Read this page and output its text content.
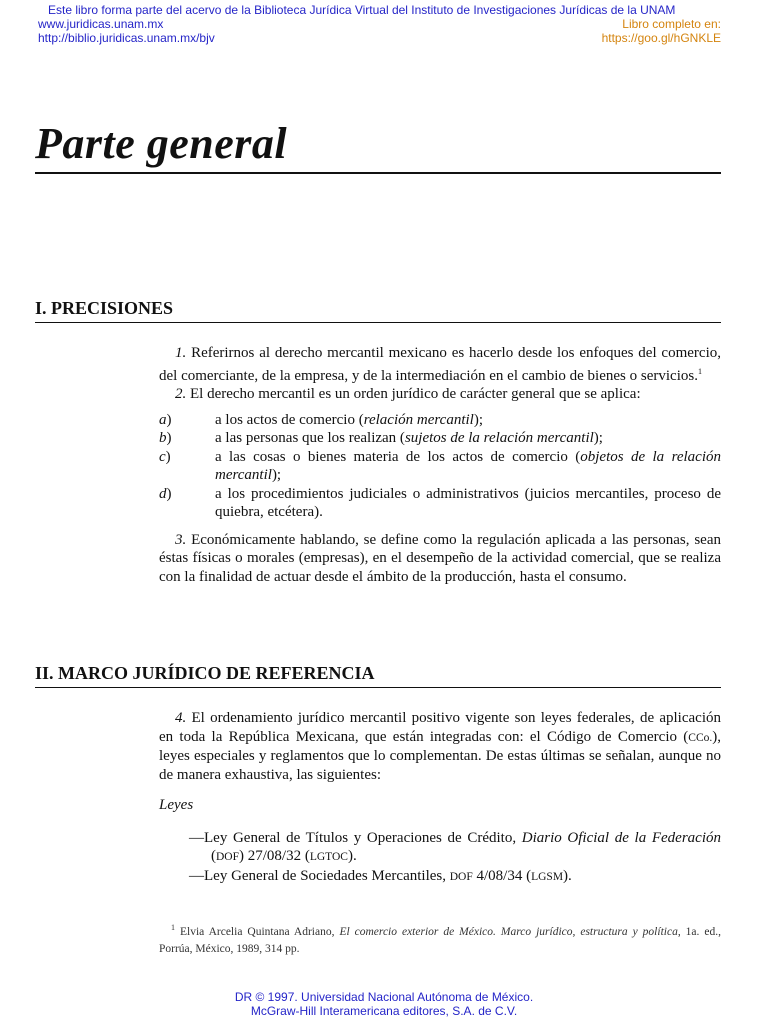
Este libro forma parte del acervo de la Biblioteca Jurídica Virtual del Instituto de Investigaciones Jurídicas de la UNAM
www.juridicas.unam.mx
http://biblio.juridicas.unam.mx/bjv
Libro completo en:
https://goo.gl/hGNKLE
Parte general
I. PRECISIONES

1. Referirnos al derecho mercantil mexicano es hacerlo desde los enfoques del comercio, del comerciante, de la empresa, y de la intermediación en el cambio de bienes o servicios.$^1$

2. El derecho mercantil es un orden jurídico de carácter general que se aplica:

a)	a los actos de comercio (relación mercantil);
b)	a las personas que los realizan (sujetos de la relación mercantil);
c)	a las cosas o bienes materia de los actos de comercio (objetos de la relación mercantil);
d)	a los procedimientos judiciales o administrativos (juicios mercantiles, proceso de quiebra, etcétera).

3. Económicamente hablando, se define como la regulación aplicada a las personas, sean éstas físicas o morales (empresas), en el desempeño de la actividad comercial, que se realiza con la finalidad de actuar desde el ámbito de la producción, hasta el consumo.

II. MARCO JURÍDICO DE REFERENCIA

4. El ordenamiento jurídico mercantil positivo vigente son leyes federales, de aplicación en toda la República Mexicana, que están integradas con: el Código de Comercio (CCo.), leyes especiales y reglamentos que lo complementan. De estas últimas se señalan, aunque no de manera exhaustiva, las siguientes:

Leyes

—Ley General de Títulos y Operaciones de Crédito, Diario Oficial de la Federación (DOF) 27/08/32 (LGTOC).
—Ley General de Sociedades Mercantiles, DOF 4/08/34 (LGSM).
$^1$ Elvia Arcelia Quintana Adriano, El comercio exterior de México. Marco jurídico, estructura y política, 1a. ed., Porrúa, México, 1989, 314 pp.
DR © 1997. Universidad Nacional Autónoma de México.
McGraw-Hill Interamericana editores, S.A. de C.V.
